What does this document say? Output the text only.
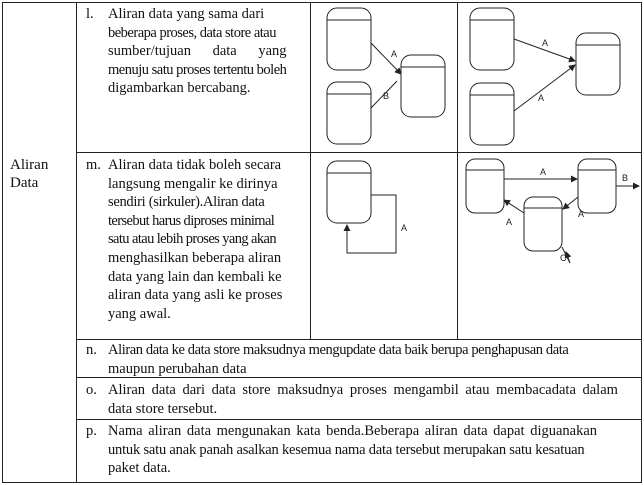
Aliran
Data
l. Aliran data yang sama dari
beberapa proses, data store atau
sumber/tujuan data yang
menuju satu proses tertentu boleh
digambarkan bercabang.
m. Aliran data tidak boleh secara
langsung mengalir ke dirinya
sendiri (sirkuler).Aliran data
tersebut harus diproses minimal
satu atau lebih proses yang akan
menghasilkan beberapa aliran
data yang lain dan kembali ke
aliran data yang asli ke proses
yang awal.
n. Aliran data ke data store maksudnya mengupdate data baik berupa penghapusan data
maupun perubahan data
o. Aliran data dari data store maksudnya proses mengambil atau membacadata dalam
data store tersebut.
p. Nama aliran data mengunakan kata benda.Beberapa aliran data dapat diguanakan
untuk satu anak panah asalkan kesemua nama data tersebut merupakan satu kesatuan
paket data.
A
B
A
A
A
A
B
A
A
C
